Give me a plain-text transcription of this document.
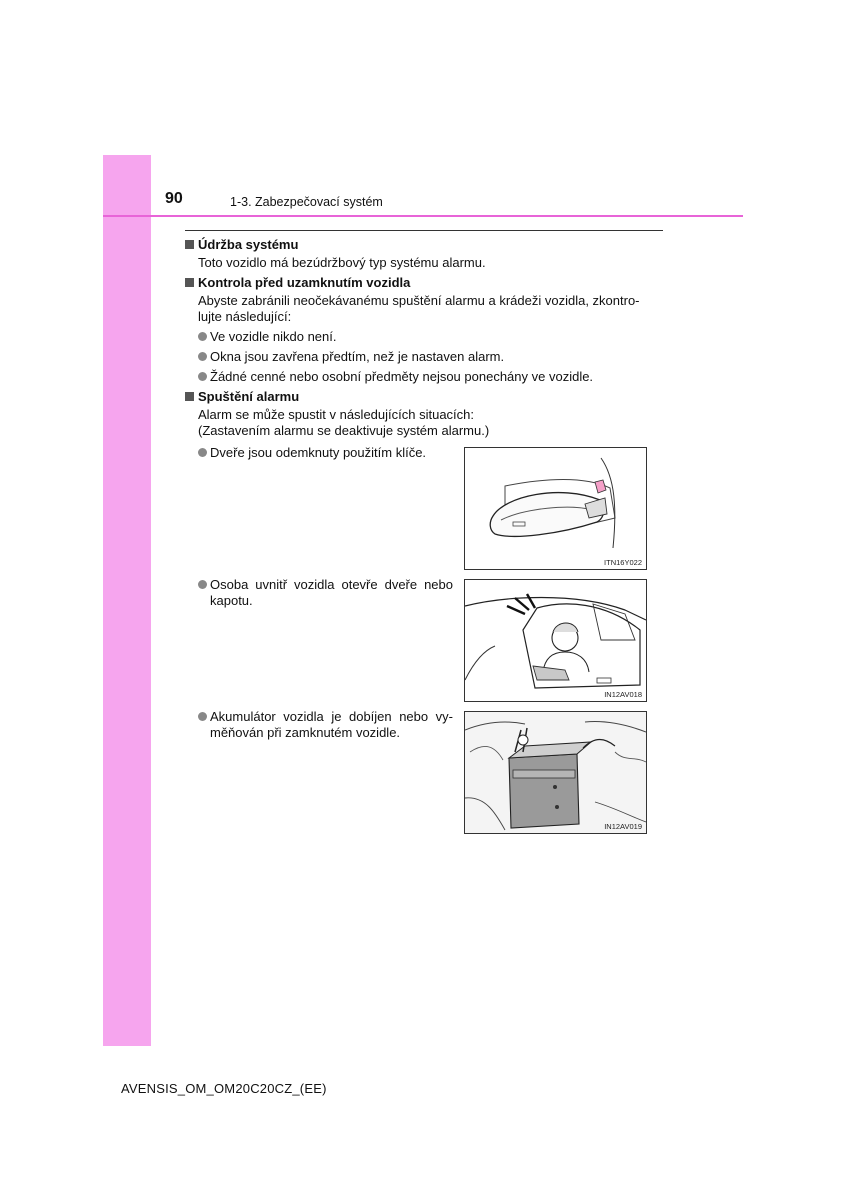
90	1-3. Zabezpečovací systém
Údržba systému
Toto vozidlo má bezúdržbový typ systému alarmu.
Kontrola před uzamknutím vozidla
Abyste zabránili neočekávanému spuštění alarmu a krádeži vozidla, zkontro-
lujte následující:
Ve vozidle nikdo není.
Okna jsou zavřena předtím, než je nastaven alarm.
Žádné cenné nebo osobní předměty nejsou ponechány ve vozidle.
Spuštění alarmu
Alarm se může spustit v následujících situacích:
(Zastavením alarmu se deaktivuje systém alarmu.)
Dveře jsou odemknuty použitím klíče.
ITN16Y022
Osoba uvnitř vozidla otevře dveře nebo
kapotu.
IN12AV018
Akumulátor vozidla je dobíjen nebo vy-
měňován při zamknutém vozidle.
IN12AV019
AVENSIS_OM_OM20C20CZ_(EE)
